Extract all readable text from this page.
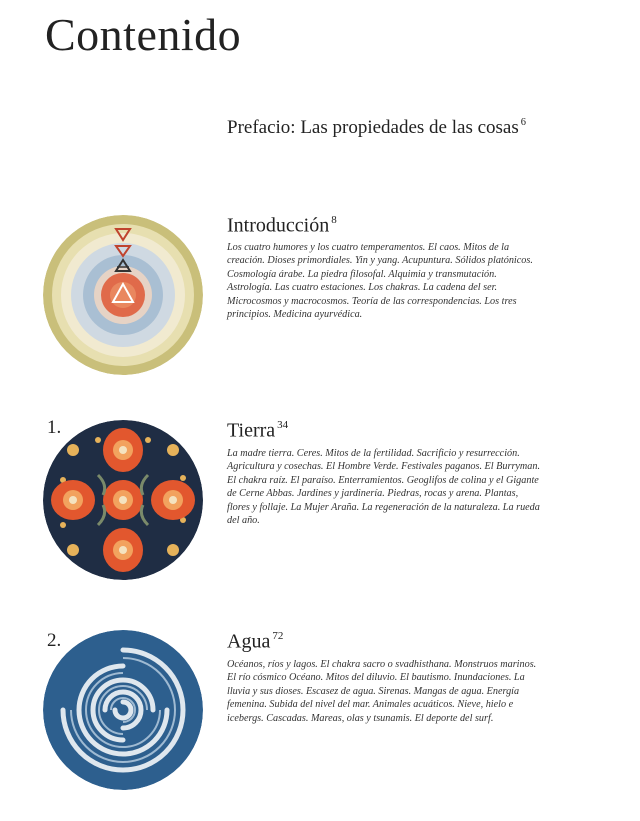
Contenido
Prefacio: Las propiedades de las cosas $^6$
Introducción $^8$
Los cuatro humores y los cuatro temperamentos. El caos. Mitos de la creación. Dioses primordiales. Yin y yang. Acupuntura. Sólidos platónicos. Cosmología árabe. La piedra filosofal. Alquimia y transmutación. Astrología. Las cuatro estaciones. Los chakras. La cadena del ser. Microcosmos y macrocosmos. Teoría de las correspondencias. Los tres principios. Medicina ayurvédica.
1.	Tierra $^{34}$
La madre tierra. Ceres. Mitos de la fertilidad. Sacrificio y resurrección. Agricultura y cosechas. El Hombre Verde. Festivales paganos. El Burryman. El chakra raíz. El paraíso. Enterramientos. Geoglifos de colina y el Gigante de Cerne Abbas. Jardines y jardinería. Piedras, rocas y arena. Plantas, flores y follaje. La Mujer Araña. La regeneración de la naturaleza. La rueda del año.
2.	Agua $^{72}$
Océanos, ríos y lagos. El chakra sacro o svadhisthana. Monstruos marinos. El río cósmico Océano. Mitos del diluvio. El bautismo. Inundaciones. La lluvia y sus dioses. Escasez de agua. Sirenas. Mangas de agua. Energía femenina. Subida del nivel del mar. Animales acuáticos. Nieve, hielo e icebergs. Cascadas. Mareas, olas y tsunamis. El deporte del surf.
